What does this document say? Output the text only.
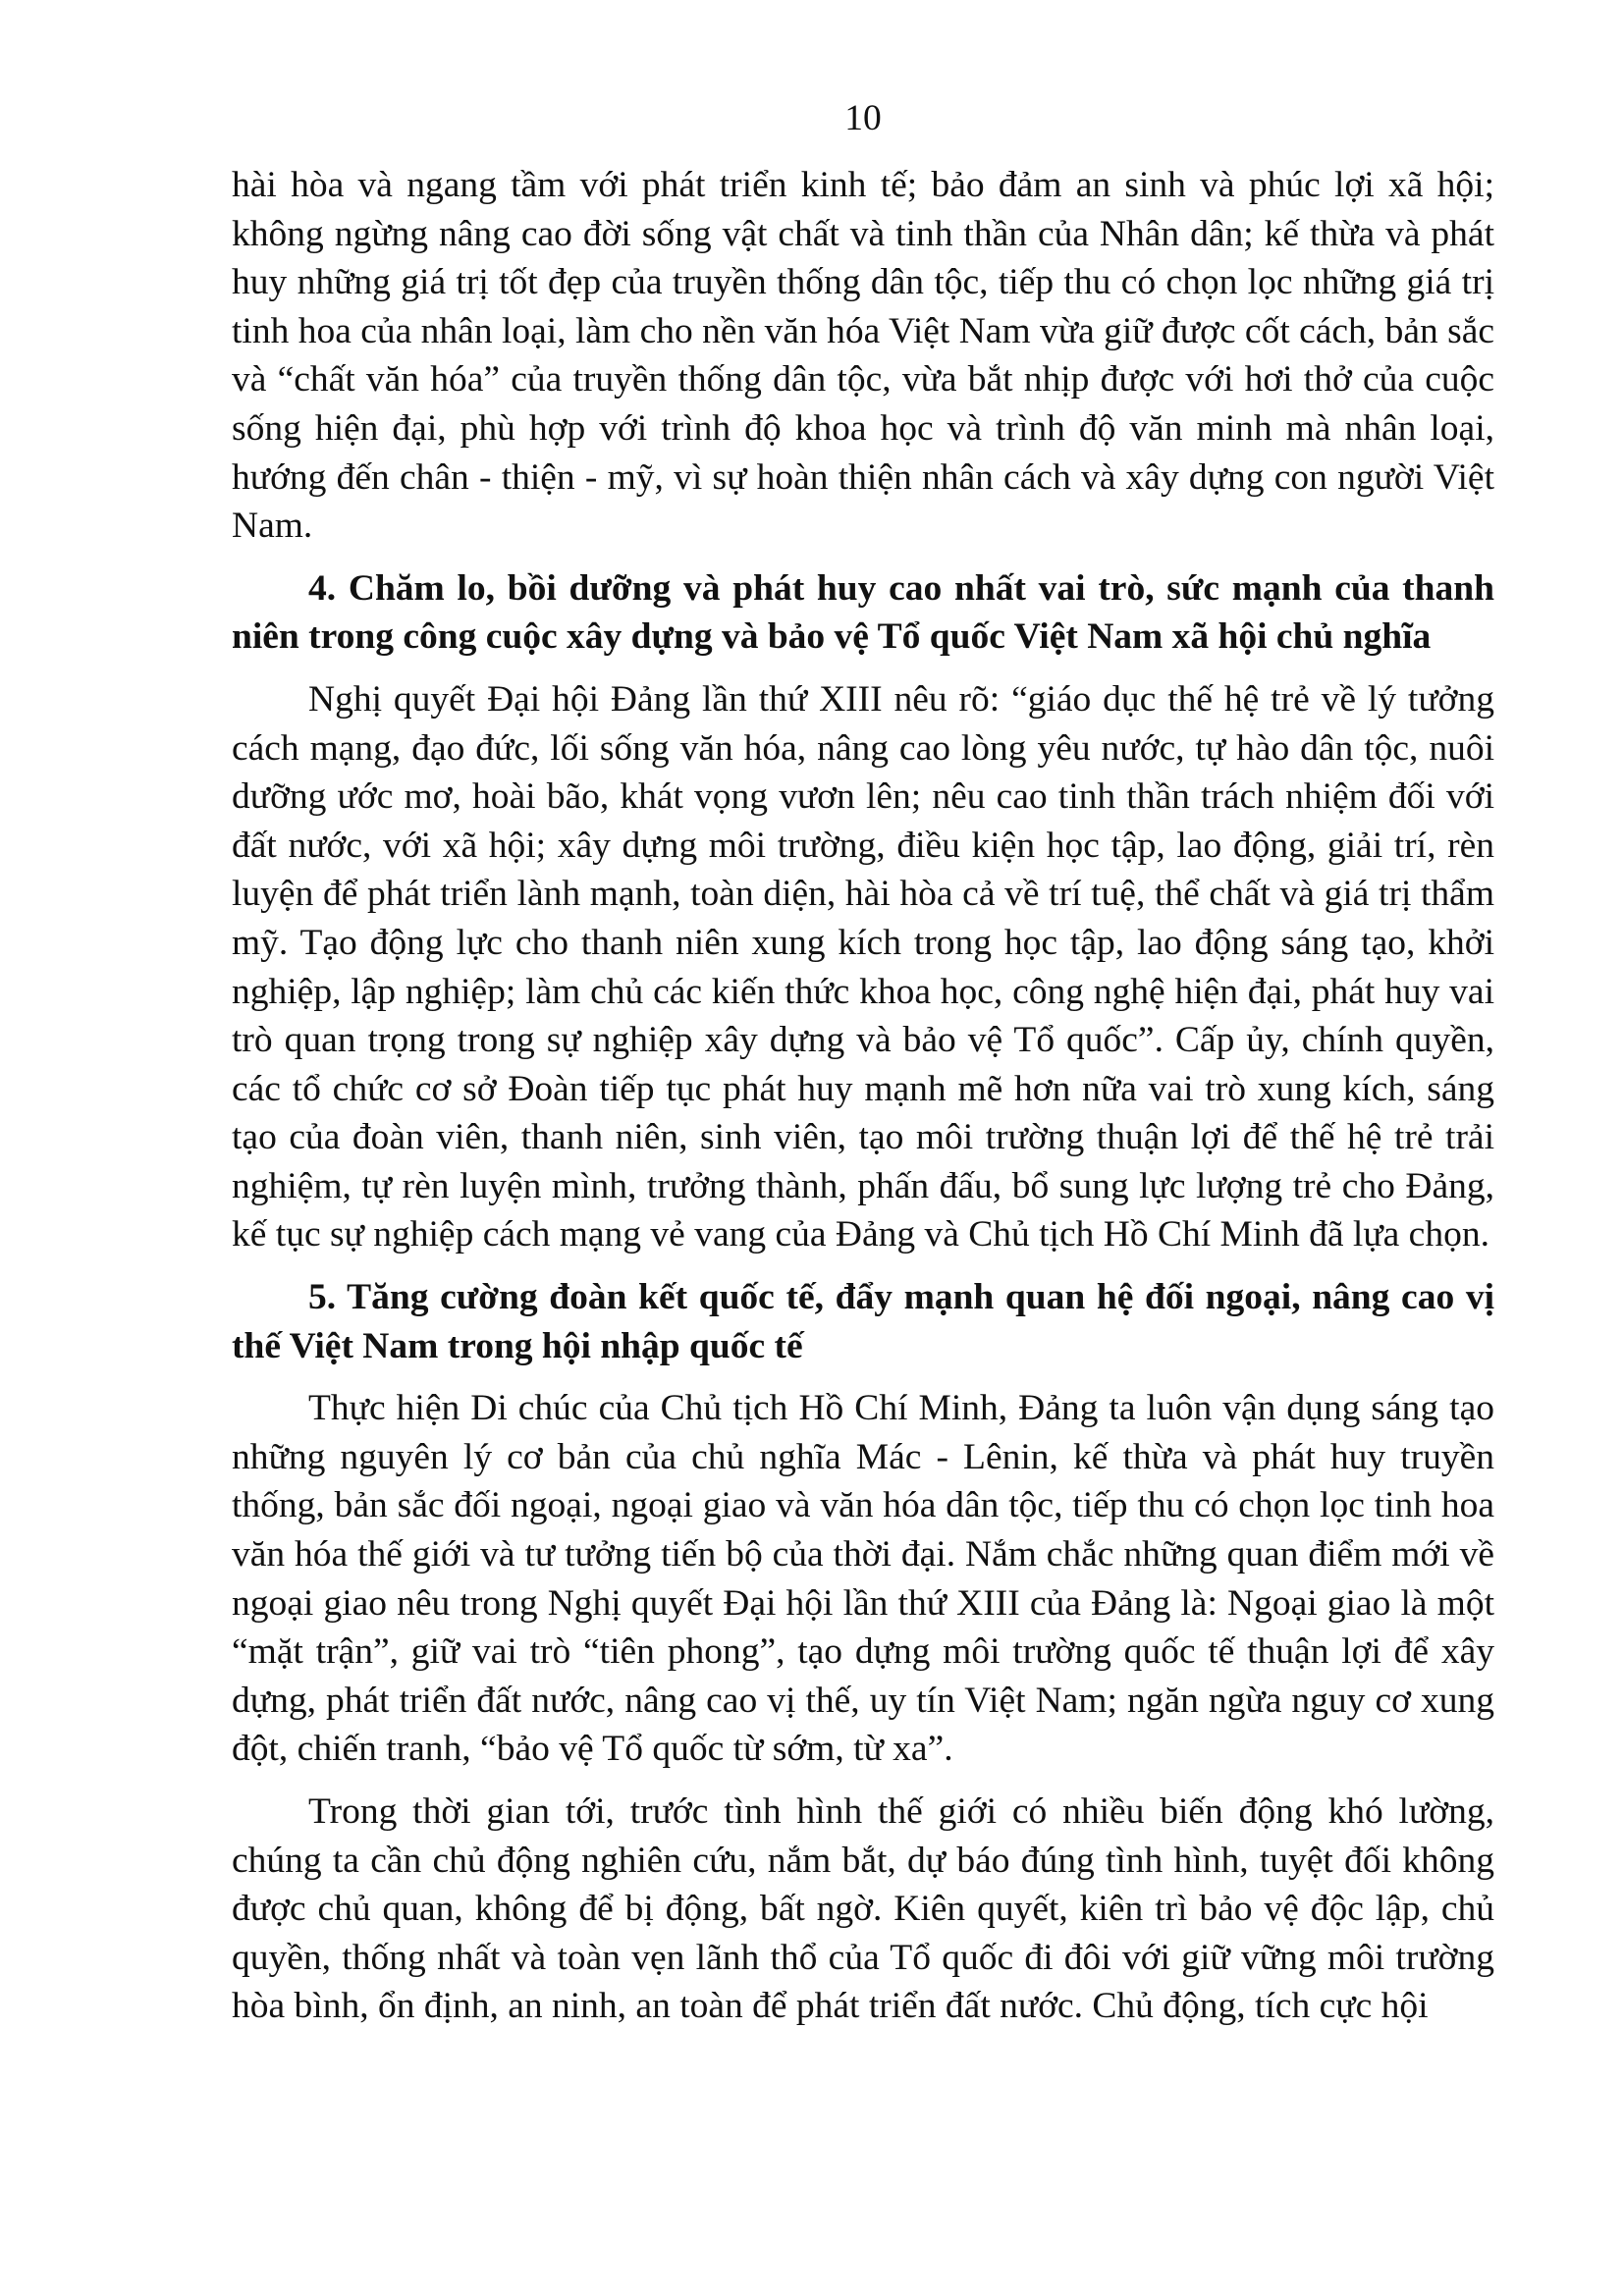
10

hài hòa và ngang tầm với phát triển kinh tế; bảo đảm an sinh và phúc lợi xã hội; không ngừng nâng cao đời sống vật chất và tinh thần của Nhân dân; kế thừa và phát huy những giá trị tốt đẹp của truyền thống dân tộc, tiếp thu có chọn lọc những giá trị tinh hoa của nhân loại, làm cho nền văn hóa Việt Nam vừa giữ được cốt cách, bản sắc và “chất văn hóa” của truyền thống dân tộc, vừa bắt nhịp được với hơi thở của cuộc sống hiện đại, phù hợp với trình độ khoa học và trình độ văn minh mà nhân loại, hướng đến chân - thiện - mỹ, vì sự hoàn thiện nhân cách và xây dựng con người Việt Nam.

4. Chăm lo, bồi dưỡng và phát huy cao nhất vai trò, sức mạnh của thanh niên trong công cuộc xây dựng và bảo vệ Tổ quốc Việt Nam xã hội chủ nghĩa

Nghị quyết Đại hội Đảng lần thứ XIII nêu rõ: “giáo dục thế hệ trẻ về lý tưởng cách mạng, đạo đức, lối sống văn hóa, nâng cao lòng yêu nước, tự hào dân tộc, nuôi dưỡng ước mơ, hoài bão, khát vọng vươn lên; nêu cao tinh thần trách nhiệm đối với đất nước, với xã hội; xây dựng môi trường, điều kiện học tập, lao động, giải trí, rèn luyện để phát triển lành mạnh, toàn diện, hài hòa cả về trí tuệ, thể chất và giá trị thẩm mỹ. Tạo động lực cho thanh niên xung kích trong học tập, lao động sáng tạo, khởi nghiệp, lập nghiệp; làm chủ các kiến thức khoa học, công nghệ hiện đại, phát huy vai trò quan trọng trong sự nghiệp xây dựng và bảo vệ Tổ quốc”. Cấp ủy, chính quyền, các tổ chức cơ sở Đoàn tiếp tục phát huy mạnh mẽ hơn nữa vai trò xung kích, sáng tạo của đoàn viên, thanh niên, sinh viên, tạo môi trường thuận lợi để thế hệ trẻ trải nghiệm, tự rèn luyện mình, trưởng thành, phấn đấu, bổ sung lực lượng trẻ cho Đảng, kế tục sự nghiệp cách mạng vẻ vang của Đảng và Chủ tịch Hồ Chí Minh đã lựa chọn.

5. Tăng cường đoàn kết quốc tế, đẩy mạnh quan hệ đối ngoại, nâng cao vị thế Việt Nam trong hội nhập quốc tế

Thực hiện Di chúc của Chủ tịch Hồ Chí Minh, Đảng ta luôn vận dụng sáng tạo những nguyên lý cơ bản của chủ nghĩa Mác - Lênin, kế thừa và phát huy truyền thống, bản sắc đối ngoại, ngoại giao và văn hóa dân tộc, tiếp thu có chọn lọc tinh hoa văn hóa thế giới và tư tưởng tiến bộ của thời đại. Nắm chắc những quan điểm mới về ngoại giao nêu trong Nghị quyết Đại hội lần thứ XIII của Đảng là: Ngoại giao là một “mặt trận”, giữ vai trò “tiên phong”, tạo dựng môi trường quốc tế thuận lợi để xây dựng, phát triển đất nước, nâng cao vị thế, uy tín Việt Nam; ngăn ngừa nguy cơ xung đột, chiến tranh, “bảo vệ Tổ quốc từ sớm, từ xa”.

Trong thời gian tới, trước tình hình thế giới có nhiều biến động khó lường, chúng ta cần chủ động nghiên cứu, nắm bắt, dự báo đúng tình hình, tuyệt đối không được chủ quan, không để bị động, bất ngờ. Kiên quyết, kiên trì bảo vệ độc lập, chủ quyền, thống nhất và toàn vẹn lãnh thổ của Tổ quốc đi đôi với giữ vững môi trường hòa bình, ổn định, an ninh, an toàn để phát triển đất nước. Chủ động, tích cực hội
